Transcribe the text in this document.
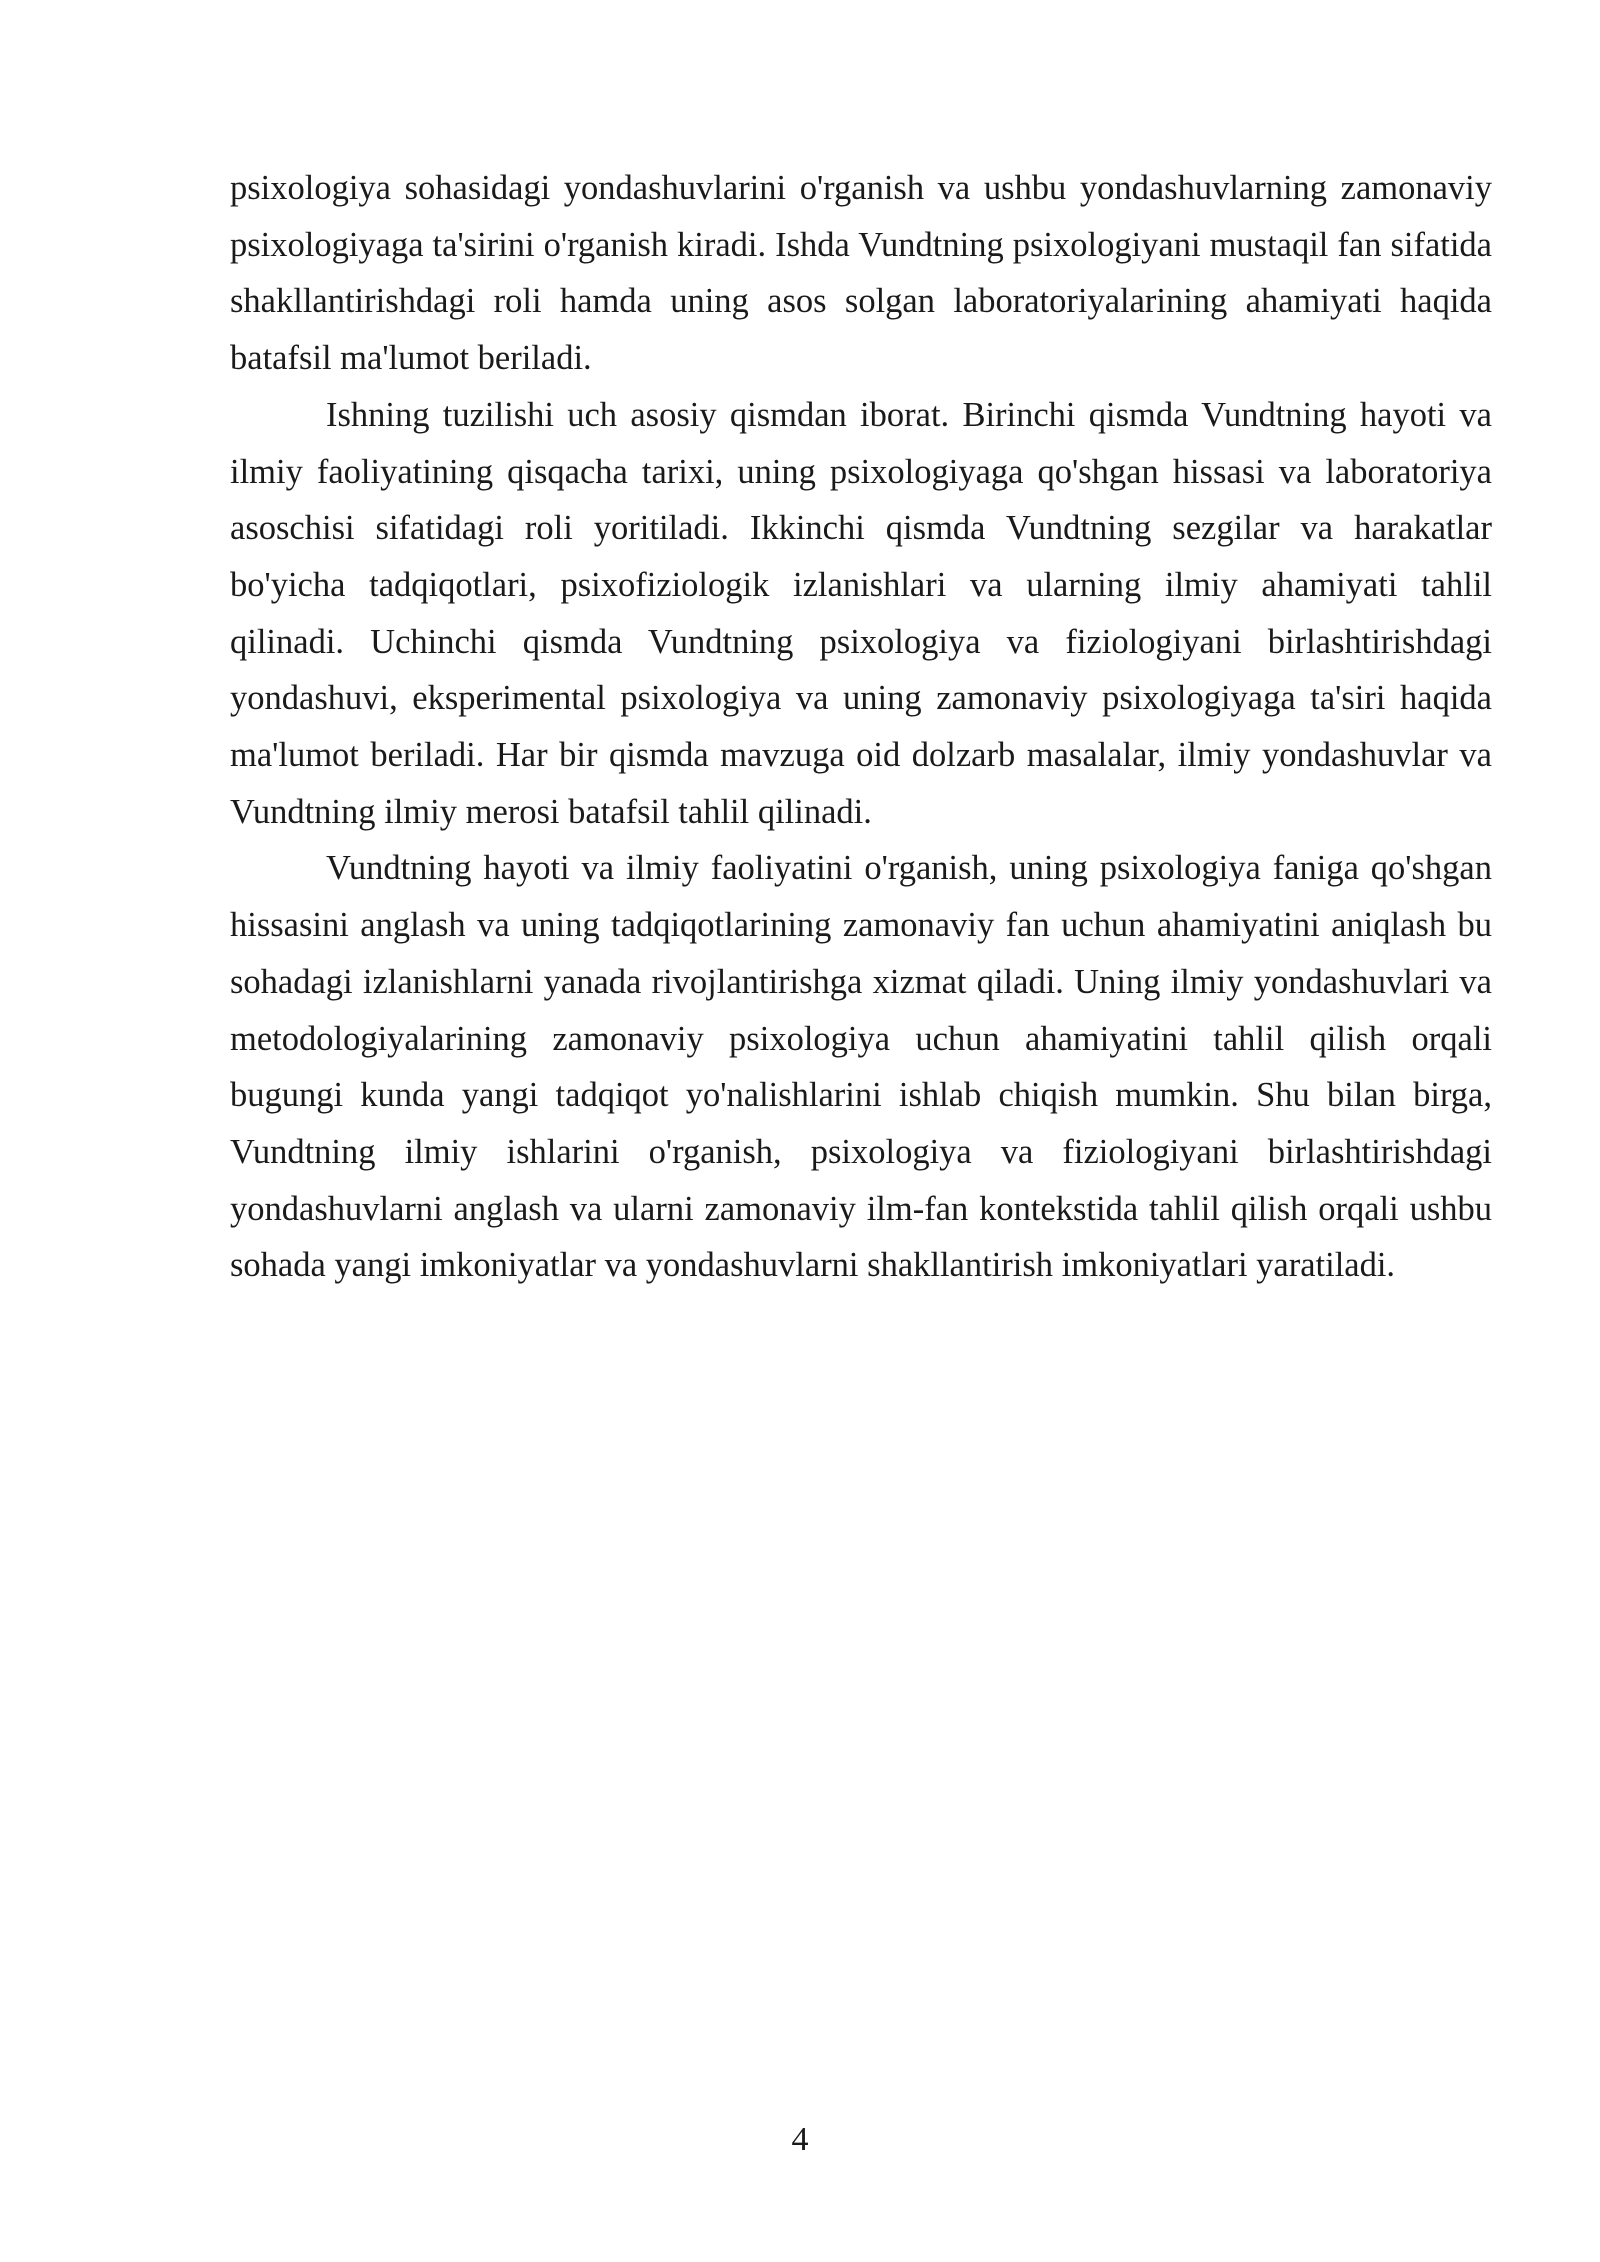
psixologiya sohasidagi yondashuvlarini o'rganish va ushbu yondashuvlarning zamonaviy psixologiyaga ta'sirini o'rganish kiradi. Ishda Vundtning psixologiyani mustaqil fan sifatida shakllantirishdagi roli hamda uning asos solgan laboratoriyalarining ahamiyati haqida batafsil ma'lumot beriladi.

Ishning tuzilishi uch asosiy qismdan iborat. Birinchi qismda Vundtning hayoti va ilmiy faoliyatining qisqacha tarixi, uning psixologiyaga qo'shgan hissasi va laboratoriya asoschisi sifatidagi roli yoritiladi. Ikkinchi qismda Vundtning sezgilar va harakatlar bo'yicha tadqiqotlari, psixofiziologik izlanishlari va ularning ilmiy ahamiyati tahlil qilinadi. Uchinchi qismda Vundtning psixologiya va fiziologiyani birlashtirishdagi yondashuvi, eksperimental psixologiya va uning zamonaviy psixologiyaga ta'siri haqida ma'lumot beriladi. Har bir qismda mavzuga oid dolzarb masalalar, ilmiy yondashuvlar va Vundtning ilmiy merosi batafsil tahlil qilinadi.

Vundtning hayoti va ilmiy faoliyatini o'rganish, uning psixologiya faniga qo'shgan hissasini anglash va uning tadqiqotlarining zamonaviy fan uchun ahamiyatini aniqlash bu sohadagi izlanishlarni yanada rivojlantirishga xizmat qiladi. Uning ilmiy yondashuvlari va metodologiyalarining zamonaviy psixologiya uchun ahamiyatini tahlil qilish orqali bugungi kunda yangi tadqiqot yo'nalishlarini ishlab chiqish mumkin. Shu bilan birga, Vundtning ilmiy ishlarini o'rganish, psixologiya va fiziologiyani birlashtirishdagi yondashuvlarni anglash va ularni zamonaviy ilm-fan kontekstida tahlil qilish orqali ushbu sohada yangi imkoniyatlar va yondashuvlarni shakllantirish imkoniyatlari yaratiladi.

4
